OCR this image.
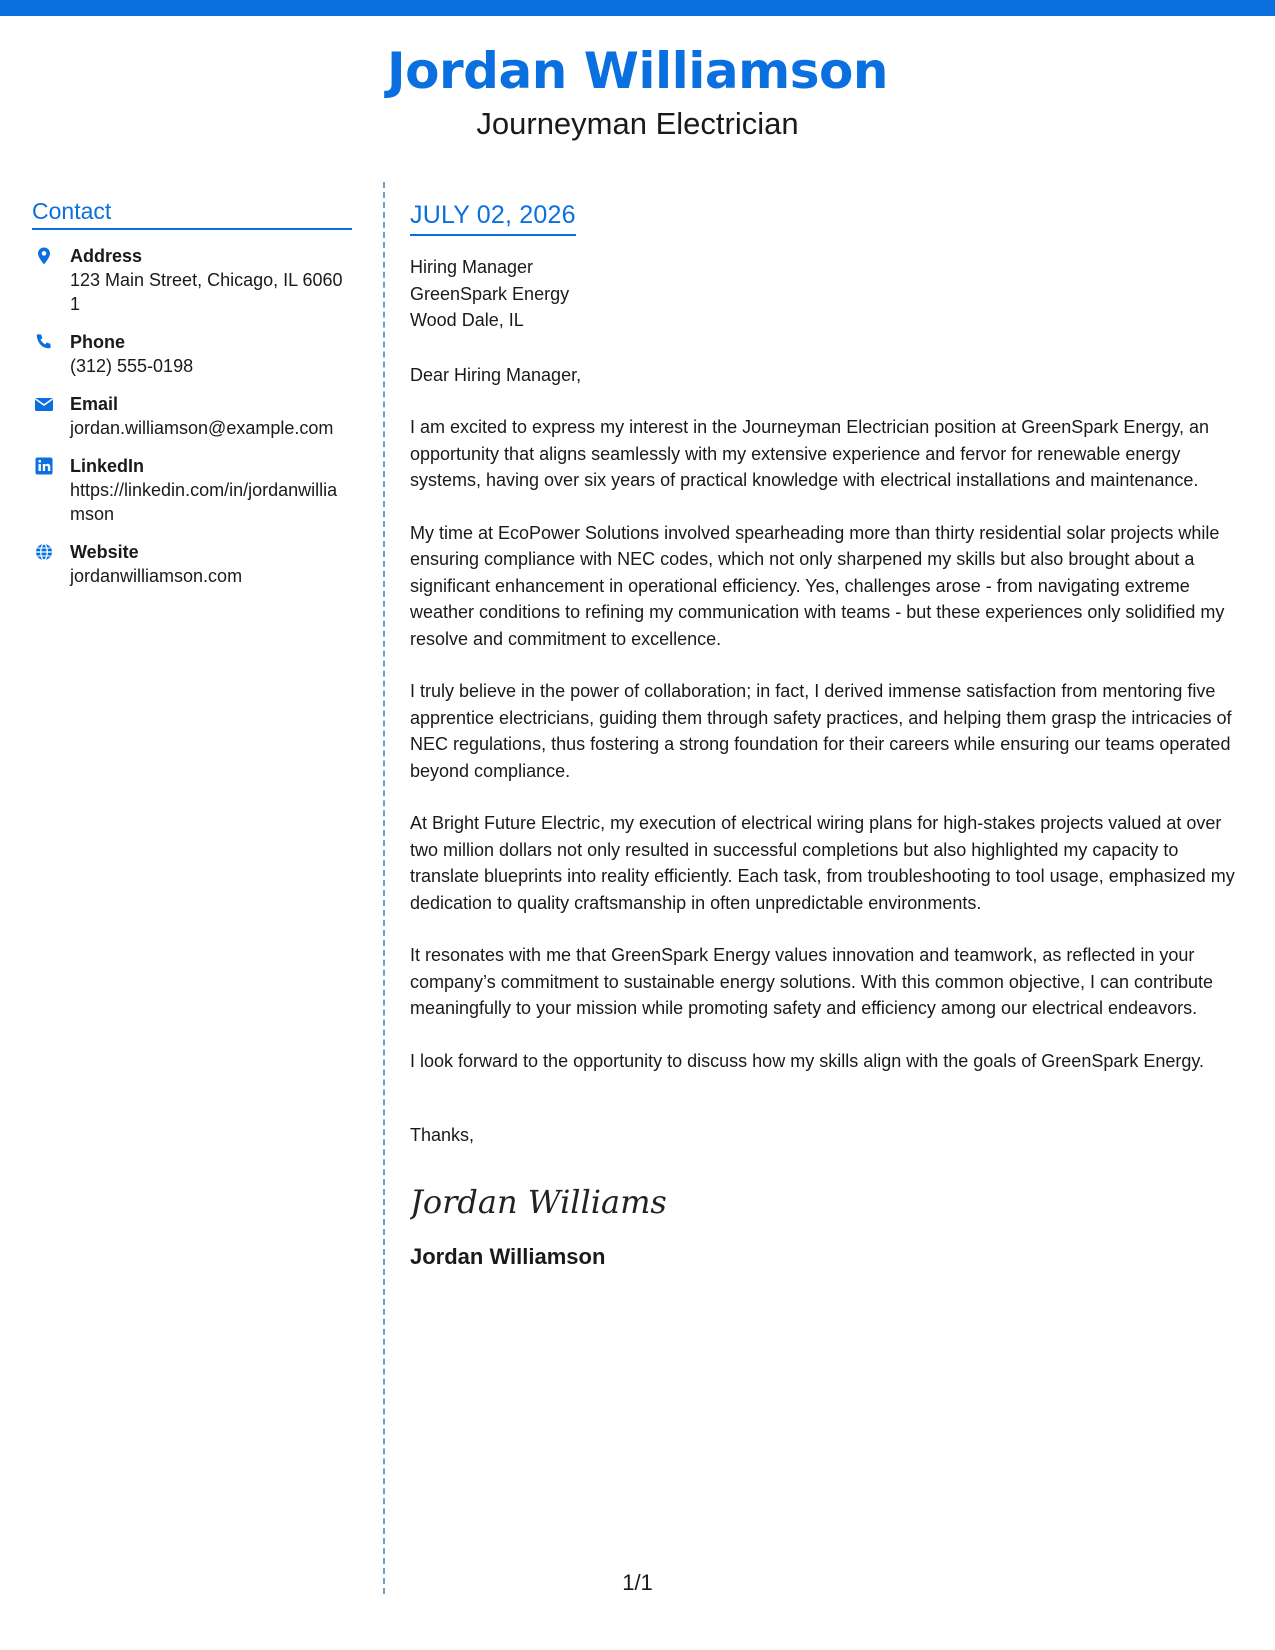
Jordan Williamson
Journeyman Electrician
Contact
Address
123 Main Street, Chicago, IL 60601
Phone
(312) 555-0198
Email
jordan.williamson@example.com
LinkedIn
https://linkedin.com/in/jordanwilliamson
Website
jordanwilliamson.com
JULY 02, 2026
Hiring Manager
GreenSpark Energy
Wood Dale, IL

Dear Hiring Manager,

I am excited to express my interest in the Journeyman Electrician position at GreenSpark Energy, an opportunity that aligns seamlessly with my extensive experience and fervor for renewable energy systems, having over six years of practical knowledge with electrical installations and maintenance.

My time at EcoPower Solutions involved spearheading more than thirty residential solar projects while ensuring compliance with NEC codes, which not only sharpened my skills but also brought about a significant enhancement in operational efficiency. Yes, challenges arose - from navigating extreme weather conditions to refining my communication with teams - but these experiences only solidified my resolve and commitment to excellence.

I truly believe in the power of collaboration; in fact, I derived immense satisfaction from mentoring five apprentice electricians, guiding them through safety practices, and helping them grasp the intricacies of NEC regulations, thus fostering a strong foundation for their careers while ensuring our teams operated beyond compliance.

At Bright Future Electric, my execution of electrical wiring plans for high-stakes projects valued at over two million dollars not only resulted in successful completions but also highlighted my capacity to translate blueprints into reality efficiently. Each task, from troubleshooting to tool usage, emphasized my dedication to quality craftsmanship in often unpredictable environments.

It resonates with me that GreenSpark Energy values innovation and teamwork, as reflected in your company’s commitment to sustainable energy solutions. With this common objective, I can contribute meaningfully to your mission while promoting safety and efficiency among our electrical endeavors.

I look forward to the opportunity to discuss how my skills align with the goals of GreenSpark Energy.

Thanks,
Jordan Williams
Jordan Williamson
1/1
